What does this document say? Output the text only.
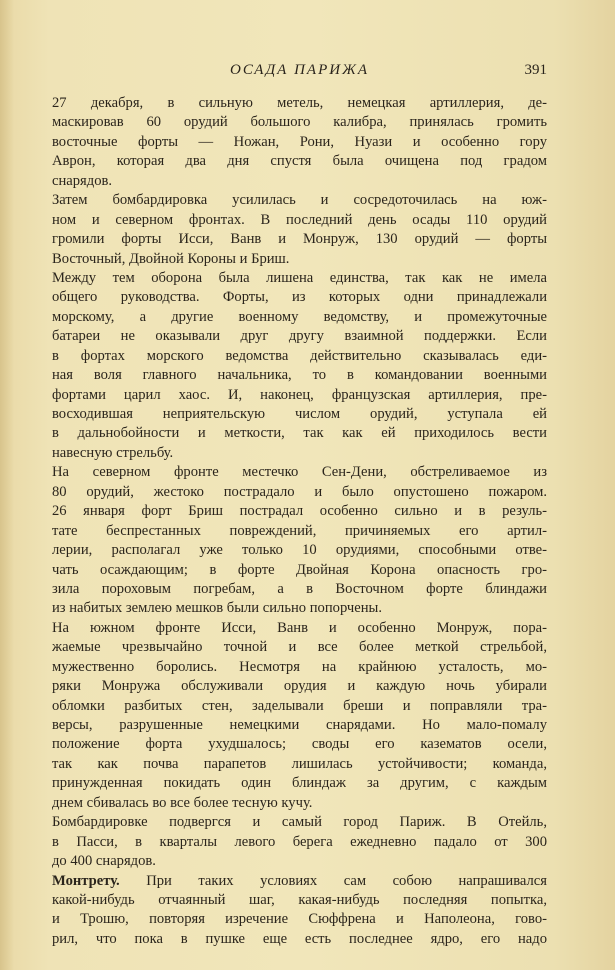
ОСАДА ПАРИЖА	391
27 декабря, в сильную метель, немецкая артиллерия, де-
маскировав 60 орудий большого калибра, принялась громить
восточные форты — Ножан, Рони, Нуази и особенно гору
Аврон, которая два дня спустя была очищена под градом
снарядов.
Затем бомбардировка усилилась и сосредоточилась на юж-
ном и северном фронтах. В последний день осады 110 орудий
громили форты Исси, Ванв и Монруж, 130 орудий — форты
Восточный, Двойной Короны и Бриш.
Между тем оборона была лишена единства, так как не имела
общего руководства. Форты, из которых одни принадлежали
морскому, а другие военному ведомству, и промежуточные
батареи не оказывали друг другу взаимной поддержки. Если
в фортах морского ведомства действительно сказывалась еди-
ная воля главного начальника, то в командовании военными
фортами царил хаос. И, наконец, французская артиллерия, пре-
восходившая неприятельскую числом орудий, уступала ей
в дальнобойности и меткости, так как ей приходилось вести
навесную стрельбу.
На северном фронте местечко Сен-Дени, обстреливаемое из
80 орудий, жестоко пострадало и было опустошено пожаром.
26 января форт Бриш пострадал особенно сильно и в резуль-
тате беспрестанных повреждений, причиняемых его артил-
лерии, располагал уже только 10 орудиями, способными отве-
чать осаждающим; в форте Двойная Корона опасность гро-
зила пороховым погребам, а в Восточном форте блиндажи
из набитых землею мешков были сильно попорчены.
На южном фронте Исси, Ванв и особенно Монруж, пора-
жаемые чрезвычайно точной и все более меткой стрельбой,
мужественно боролись. Несмотря на крайнюю усталость, мо-
ряки Монружа обслуживали орудия и каждую ночь убирали
обломки разбитых стен, заделывали бреши и поправляли тра-
версы, разрушенные немецкими снарядами. Но мало-помалу
положение форта ухудшалось; своды его казематов осели,
так как почва парапетов лишилась устойчивости; команда,
принужденная покидать один блиндаж за другим, с каждым
днем сбивалась во все более тесную кучу.
Бомбардировке подвергся и самый город Париж. В Отейль,
в Пасси, в кварталы левого берега ежедневно падало от 300
до 400 снарядов.
Монтрету. При таких условиях сам собою напрашивался
какой-нибудь отчаянный шаг, какая-нибудь последняя попытка,
и Трошю, повторяя изречение Сюффрена и Наполеона, гово-
рил, что пока в пушке еще есть последнее ядро, его надо
